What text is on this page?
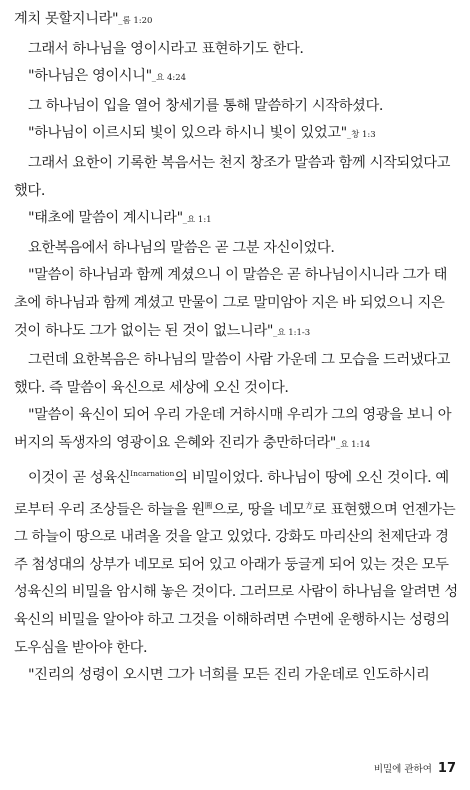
계치 못할지니라"_롬 1:20

그래서 하나님을 영이시라고 표현하기도 한다.

"하나님은 영이시니"_요 4:24

그 하나님이 입을 열어 창세기를 통해 말씀하기 시작하셨다.

"하나님이 이르시되 빛이 있으라 하시니 빛이 있었고"_창 1:3

그래서 요한이 기록한 복음서는 천지 창조가 말씀과 함께 시작되었다고 했다.

"태초에 말씀이 계시니라"_요 1:1

요한복음에서 하나님의 말씀은 곧 그분 자신이었다.

"말씀이 하나님과 함께 계셨으니 이 말씀은 곧 하나님이시니라 그가 태초에 하나님과 함께 계셨고 만물이 그로 말미암아 지은 바 되었으니 지은 것이 하나도 그가 없이는 된 것이 없느니라"_요 1:1-3

그런데 요한복음은 하나님의 말씀이 사람 가운데 그 모습을 드러냈다고 했다. 즉 말씀이 육신으로 세상에 오신 것이다.

"말씀이 육신이 되어 우리 가운데 거하시매 우리가 그의 영광을 보니 아버지의 독생자의 영광이요 은혜와 진리가 충만하더라"_요 1:14

이것이 곧 성육신$^{Incarnation}$의 비밀이었다. 하나님이 땅에 오신 것이다. 예로부터 우리 조상들은 하늘을 원$^圓$으로, 땅을 네모$^方$로 표현했으며 언젠가는 그 하늘이 땅으로 내려올 것을 알고 있었다. 강화도 마리산의 천제단과 경주 첨성대의 상부가 네모로 되어 있고 아래가 둥글게 되어 있는 것은 모두 성육신의 비밀을 암시해 놓은 것이다. 그러므로 사람이 하나님을 알려면 성육신의 비밀을 알아야 하고 그것을 이해하려면 수면에 운행하시는 성령의 도우심을 받아야 한다.

"진리의 성령이 오시면 그가 너희를 모든 진리 가운데로 인도하시리

비밀에 관하여 17
